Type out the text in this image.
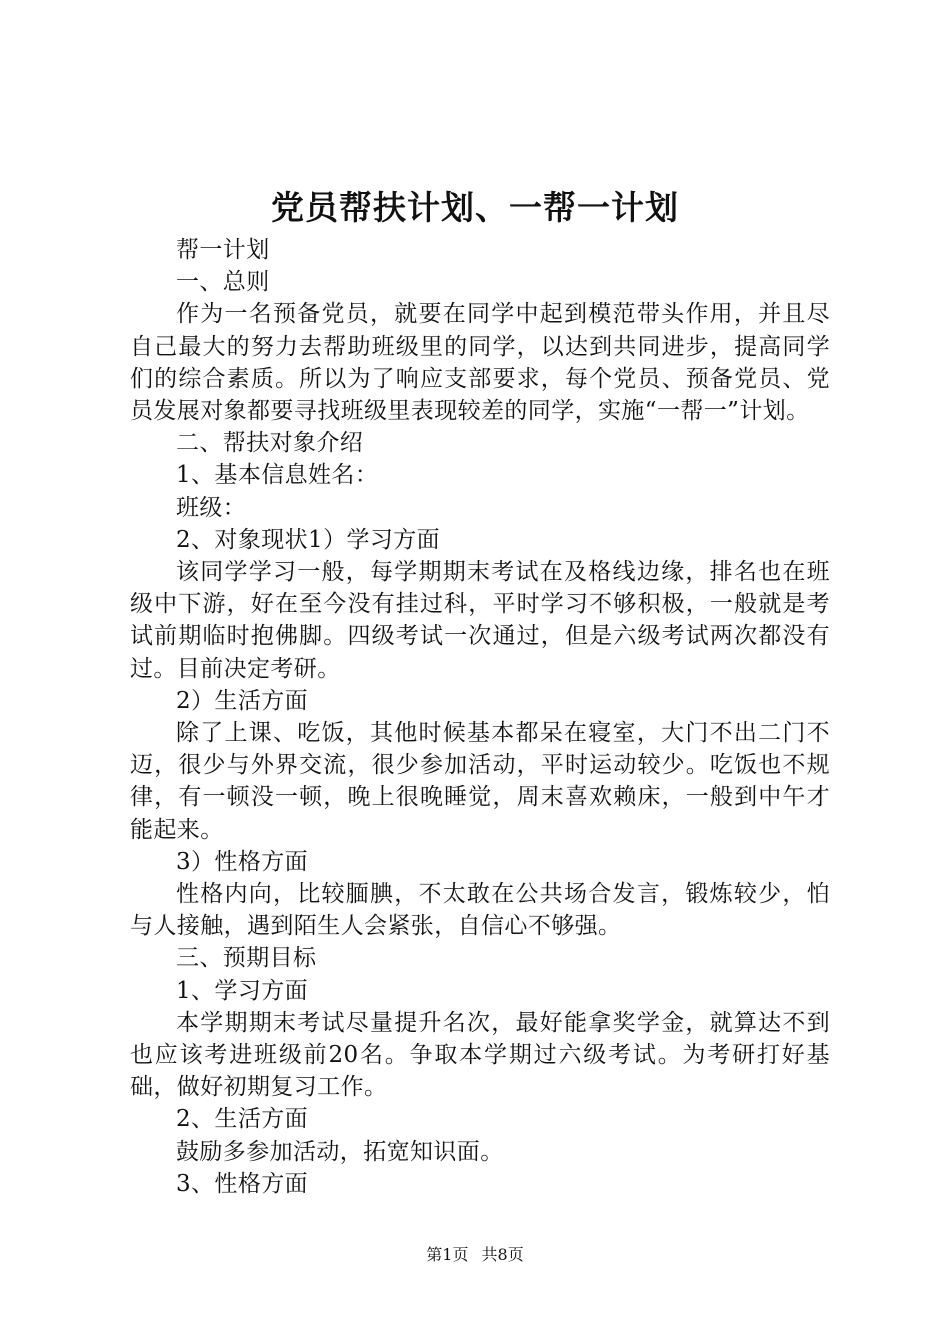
党员帮扶计划、一帮一计划

帮一计划

一、总则

作为一名预备党员，就要在同学中起到模范带头作用，并且尽自己最大的努力去帮助班级里的同学，以达到共同进步，提高同学们的综合素质。所以为了响应支部要求，每个党员、预备党员、党员发展对象都要寻找班级里表现较差的同学，实施“一帮一”计划。

二、帮扶对象介绍

1、基本信息姓名：

班级：

2、对象现状1）学习方面

该同学学习一般，每学期期末考试在及格线边缘，排名也在班级中下游，好在至今没有挂过科，平时学习不够积极，一般就是考试前期临时抱佛脚。四级考试一次通过，但是六级考试两次都没有过。目前决定考研。

2）生活方面

除了上课、吃饭，其他时候基本都呆在寝室，大门不出二门不迈，很少与外界交流，很少参加活动，平时运动较少。吃饭也不规律，有一顿没一顿，晚上很晚睡觉，周末喜欢赖床，一般到中午才能起来。

3）性格方面

性格内向，比较腼腆，不太敢在公共场合发言，锻炼较少，怕与人接触，遇到陌生人会紧张，自信心不够强。

三、预期目标

1、学习方面

本学期期末考试尽量提升名次，最好能拿奖学金，就算达不到也应该考进班级前20名。争取本学期过六级考试。为考研打好基础，做好初期复习工作。

2、生活方面

鼓励多参加活动，拓宽知识面。

3、性格方面

第1页 共8页
